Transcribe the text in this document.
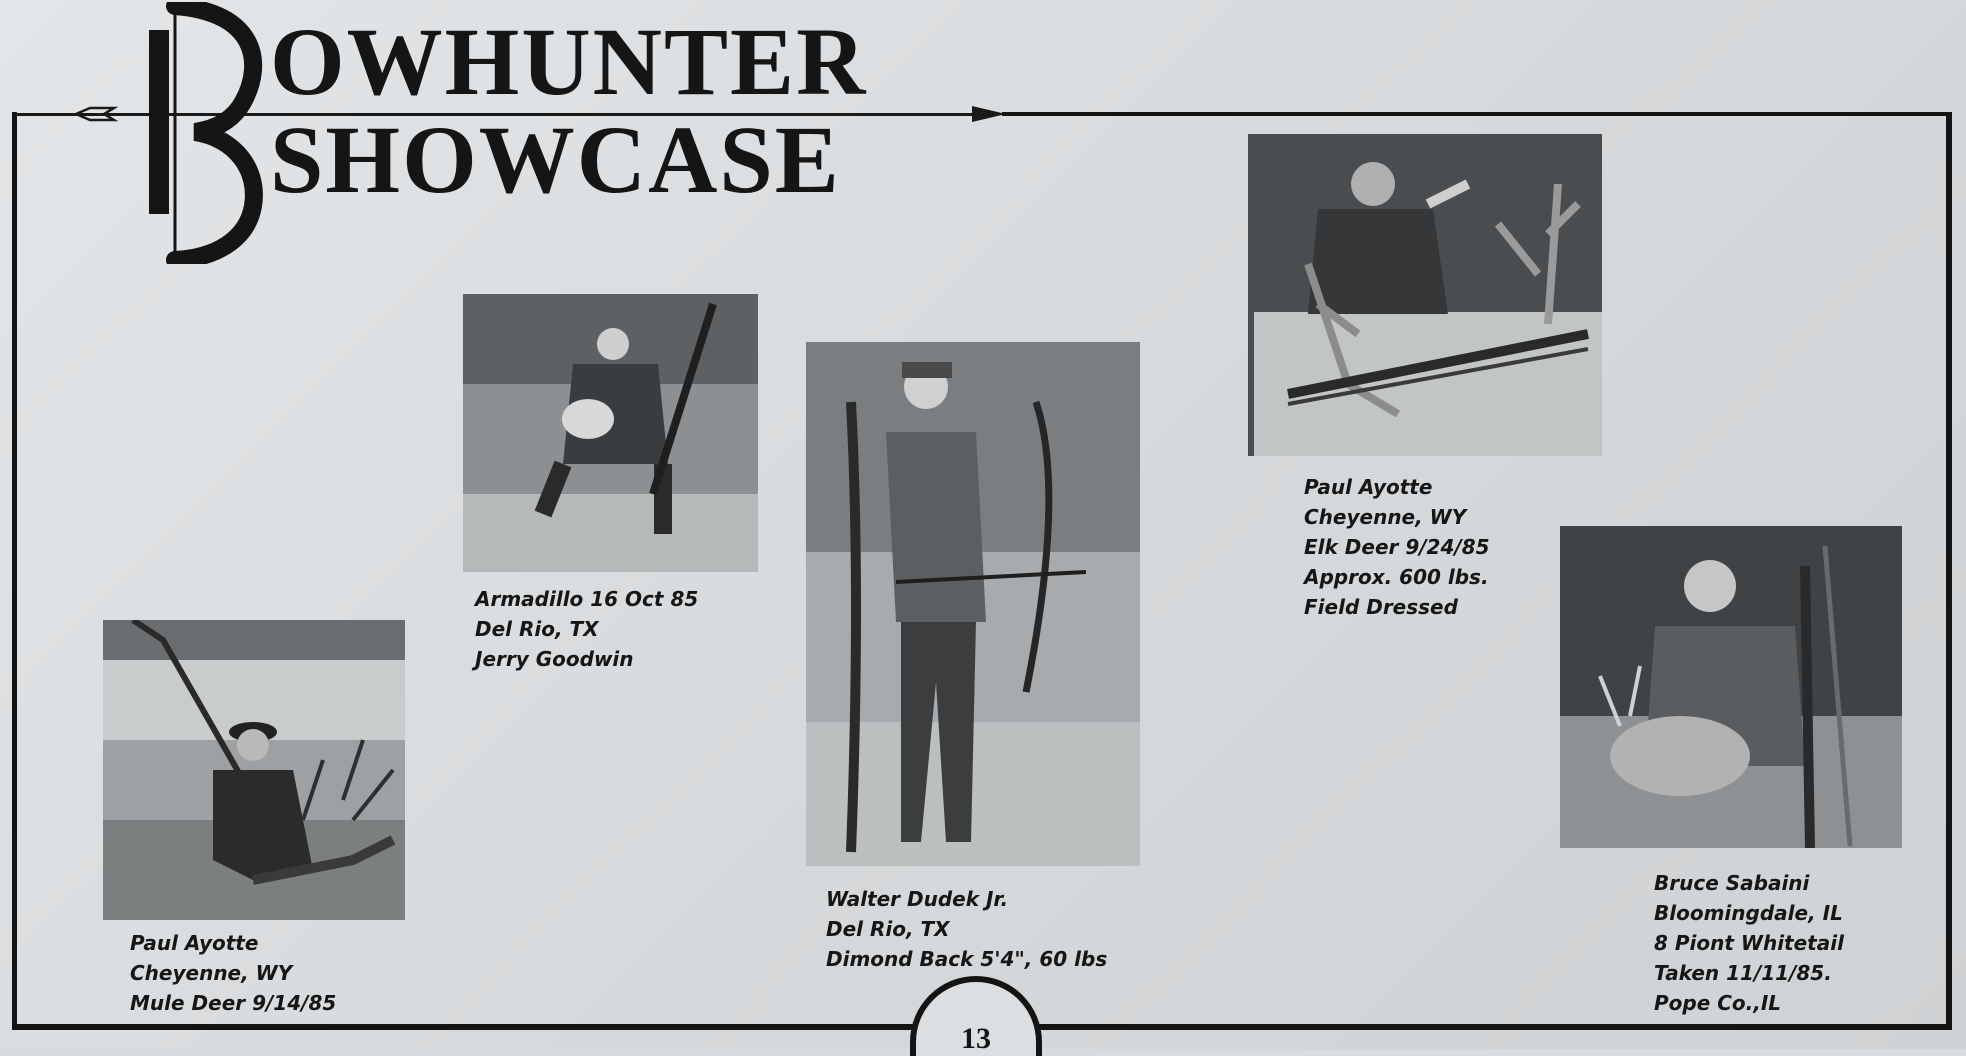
OWHUNTER
SHOWCASE

Paul Ayotte
Cheyenne, WY
Mule Deer 9/14/85

Armadillo 16 Oct 85
Del Rio, TX
Jerry Goodwin

Walter Dudek Jr.
Del Rio, TX
Dimond Back 5'4", 60 lbs

Paul Ayotte
Cheyenne, WY
Elk Deer 9/24/85
Approx. 600 lbs.
Field Dressed

Bruce Sabaini
Bloomingdale, IL
8 Piont Whitetail
Taken 11/11/85.
Pope Co.,IL

13
